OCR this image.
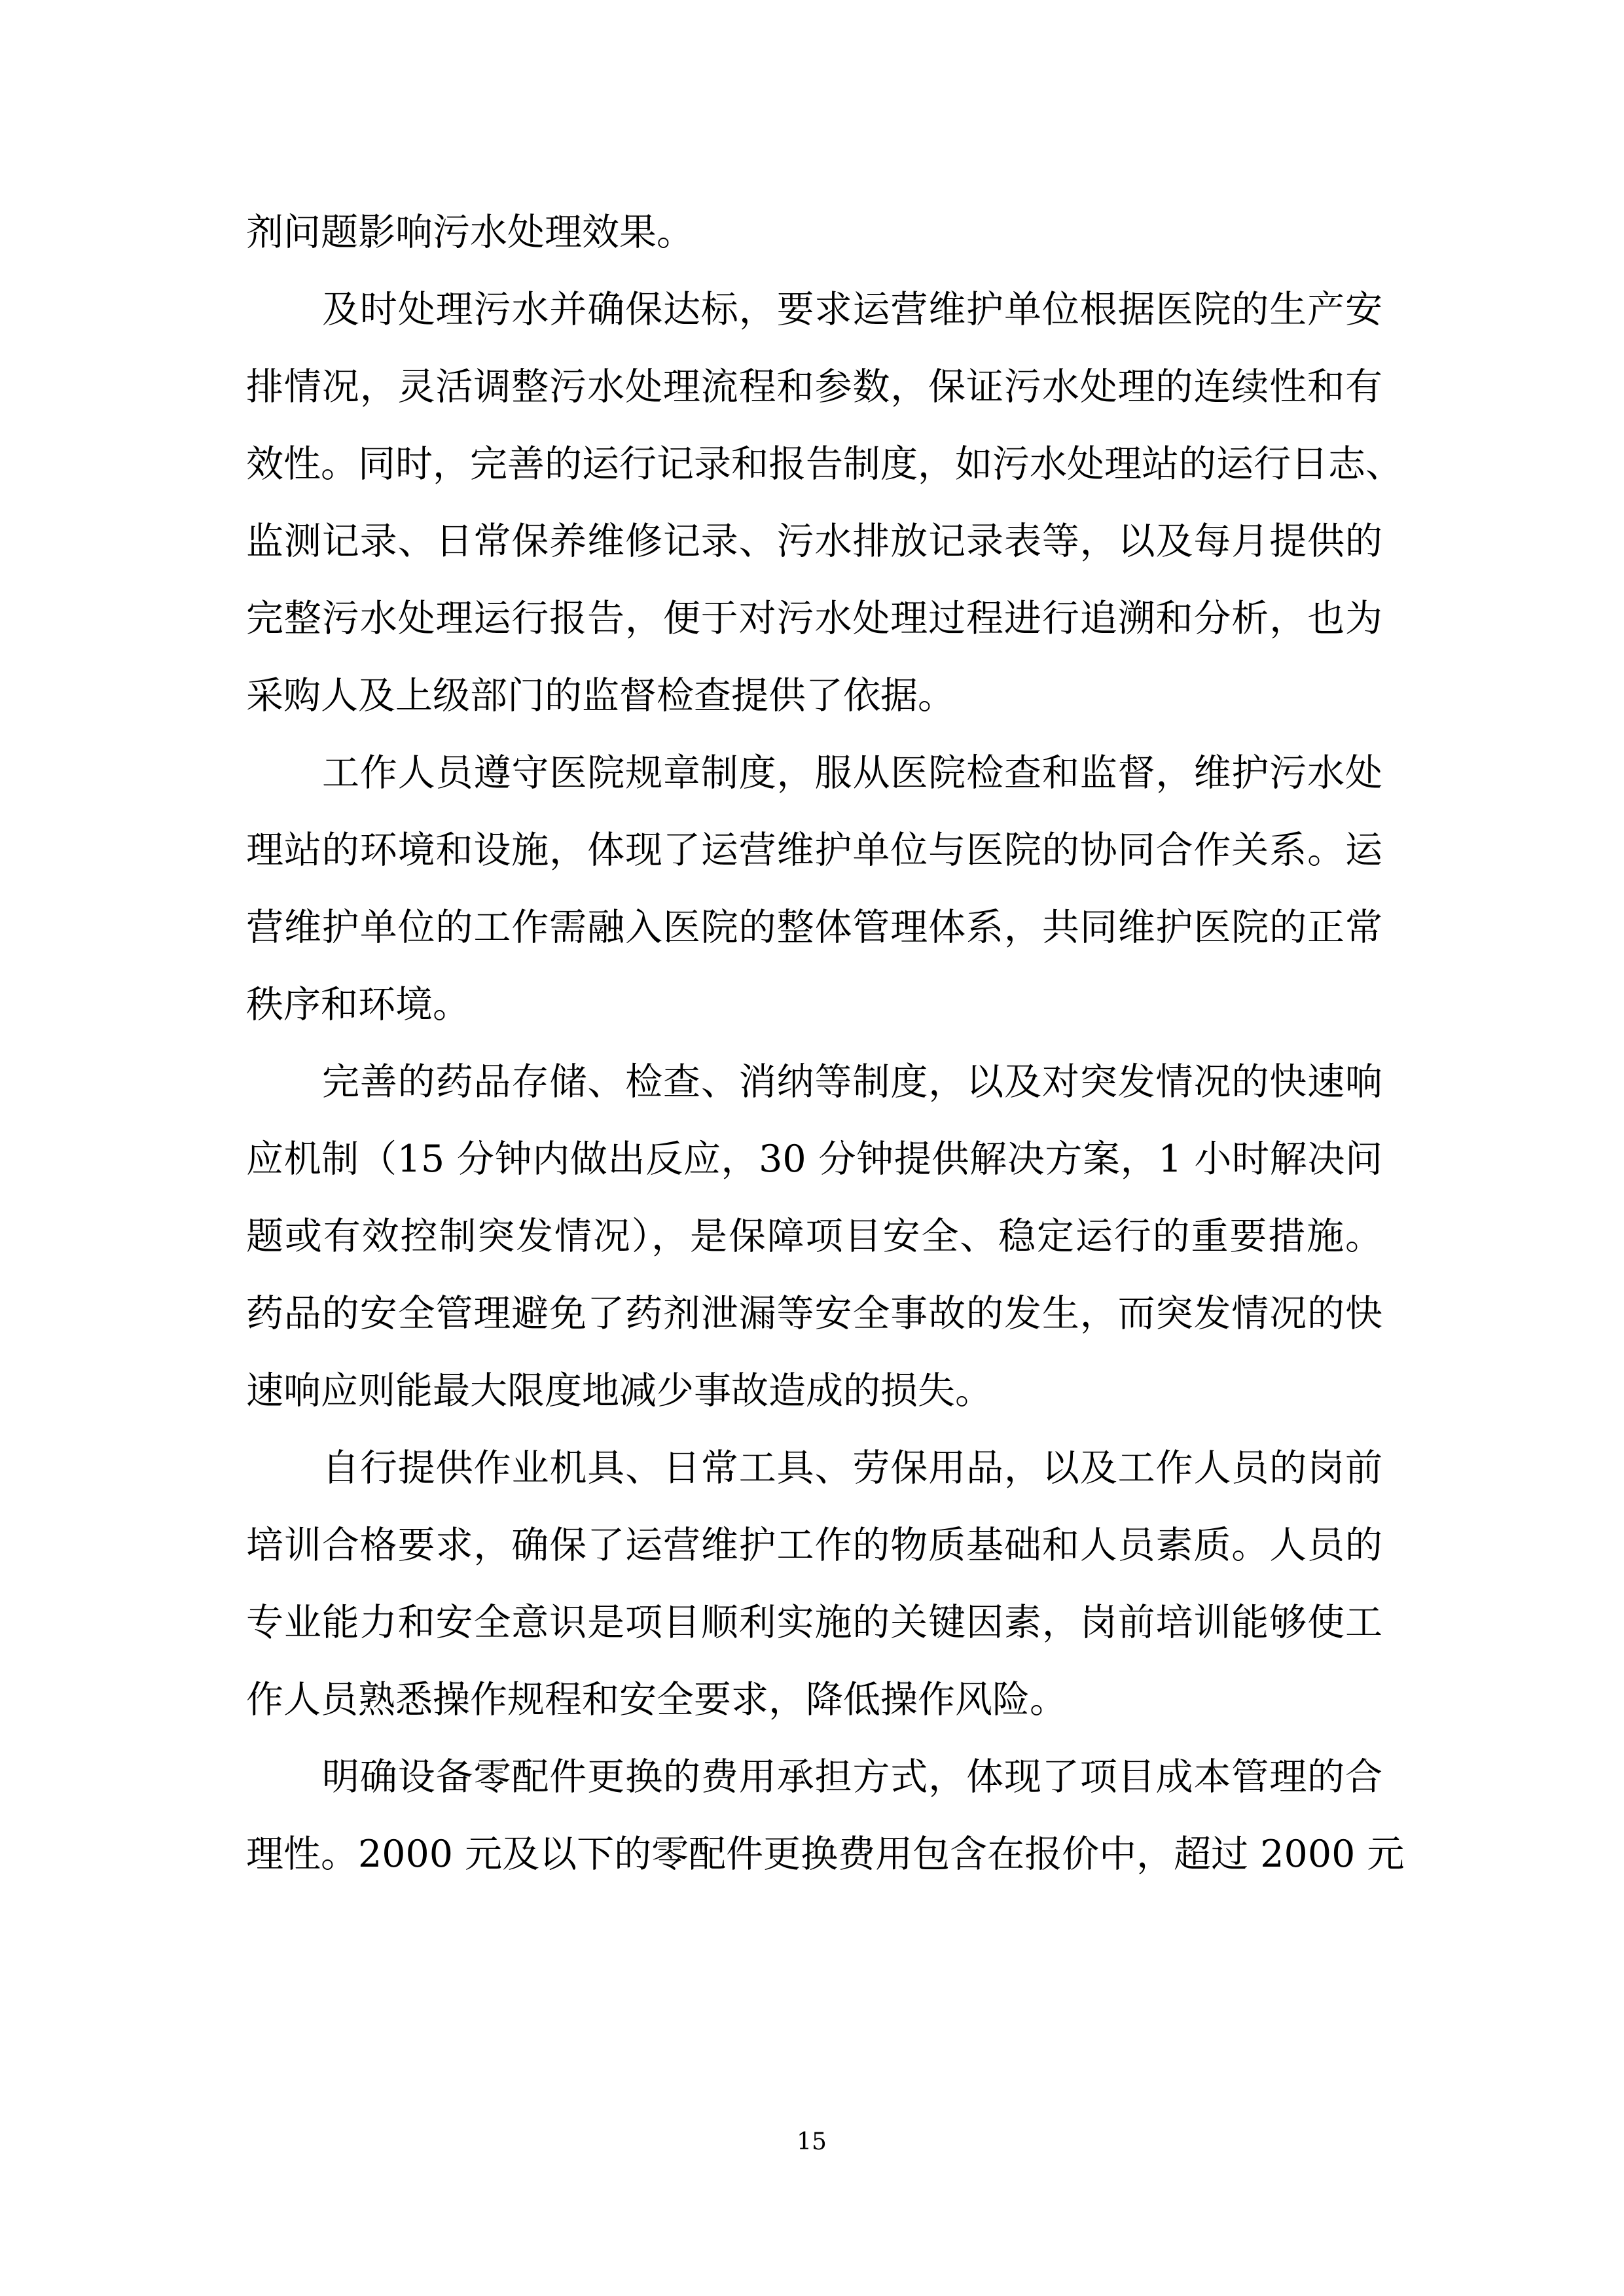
剂问题影响污水处理效果。
及时处理污水并确保达标，要求运营维护单位根据医院的生产安
排情况，灵活调整污水处理流程和参数，保证污水处理的连续性和有
效性。同时，完善的运行记录和报告制度，如污水处理站的运行日志、
监测记录、日常保养维修记录、污水排放记录表等，以及每月提供的
完整污水处理运行报告，便于对污水处理过程进行追溯和分析，也为
采购人及上级部门的监督检查提供了依据。
工作人员遵守医院规章制度，服从医院检查和监督，维护污水处
理站的环境和设施，体现了运营维护单位与医院的协同合作关系。运
营维护单位的工作需融入医院的整体管理体系，共同维护医院的正常
秩序和环境。
完善的药品存储、检查、消纳等制度，以及对突发情况的快速响
应机制（15 分钟内做出反应，30 分钟提供解决方案，1 小时解决问
题或有效控制突发情况），是保障项目安全、稳定运行的重要措施。
药品的安全管理避免了药剂泄漏等安全事故的发生，而突发情况的快
速响应则能最大限度地减少事故造成的损失。
自行提供作业机具、日常工具、劳保用品，以及工作人员的岗前
培训合格要求，确保了运营维护工作的物质基础和人员素质。人员的
专业能力和安全意识是项目顺利实施的关键因素，岗前培训能够使工
作人员熟悉操作规程和安全要求，降低操作风险。
明确设备零配件更换的费用承担方式，体现了项目成本管理的合
理性。2000 元及以下的零配件更换费用包含在报价中，超过 2000 元
15
